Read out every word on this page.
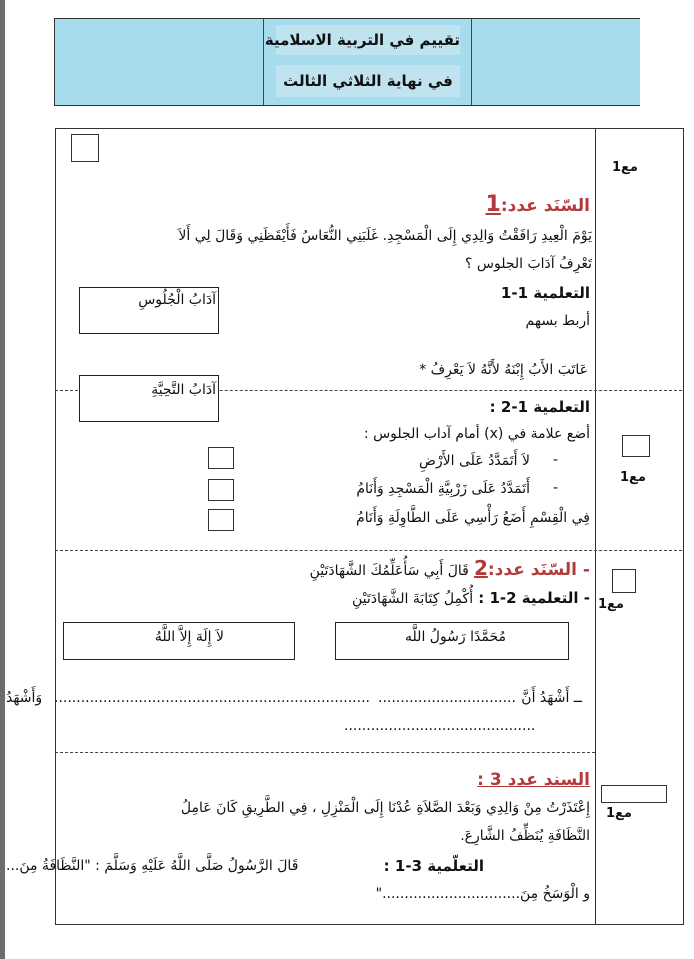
تقييم في التربية الاسلامية
في نهاية الثلاثي الثالث
مع1
مع1
مع1
مع1
السّنَد عدد:1
يَوْمَ الْعِيدِ رَافَقْتُ وَالِدِي إِلَى الْمَسْجِدِ. غَلَبَنِي النُّعَاسُ فَأَيْقَظَنِي وَقَالَ لِي أَلاَ
تَعْرِفُ آدَابَ الجلوس ؟
التعلمية 1-1
أربط بسهم
آدَابُ الْجُلُوسِ
عَاتَبَ الأَبُ إِبْنَهُ لأَنَّهُ لاَ يَعْرِفُ *
آدَابُ التَّحِيَّةِ
التعلمية 1-2 :
أضع علامة في (x) أمام آداب الجلوس :
-
لاَ أَتَمَدَّدُ عَلَى الأَرْضِ
-
أَتَمَدَّدُ عَلَى زَرْبِيَّةِ الْمَسْجِدِ وَأَنَامُ
فِي الْقِسْمِ أَضَعُ رَأْسِي عَلَى الطَّاوِلَةِ وَأَنَامُ
- السّنَد عدد:2 قَالَ أَبِي سَأُعَلِّمُكَ الشَّهَادَتَيْنِ
- التعلمية 2-1 : أُكْمِلُ كِتَابَةَ الشَّهَادَتَيْنِ
مُحَمَّدًا رَسُولُ اللَّه
لاَ إِلَهَ إِلاَّ اللَّهُ
ــ أَشْهَدُ أَنَّ
...............................
.......................................................................
وَأَشْهَدُ
...........................................
السند عدد 3 :
إِعْتَذَرْتُ مِنْ وَالِدِي وَبَعْدَ الصَّلاَةِ عُدْنَا إِلَى الْمَنْزِلِ ، فِي الطَّرِيقِ كَانَ عَامِلُ
النَّظَافَةِ يُنَظِّفُ الشَّارِعَ.
التعلّمية 3-1 :
قَالَ الرَّسُولُ صَلَّى اللَّهُ عَلَيْهِ وَسَلَّمَ : "النَّظَافَةُ مِنَ...
و الْوَسَخُ مِنَ..............................."
